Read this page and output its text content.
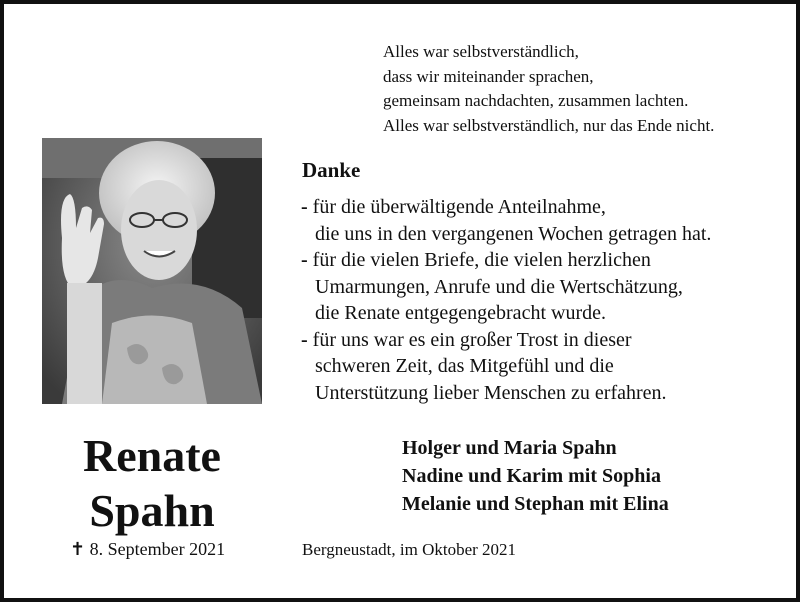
Alles war selbstverständlich,
dass wir miteinander sprachen,
gemeinsam nachdachten, zusammen lachten.
Alles war selbstverständlich, nur das Ende nicht.
Danke
- für die überwältigende Anteilnahme,
die uns in den vergangenen Wochen getragen hat.
- für die vielen Briefe, die vielen herzlichen
Umarmungen, Anrufe und die Wertschätzung,
die Renate entgegengebracht wurde.
- für uns war es ein großer Trost in dieser
schweren Zeit, das Mitgefühl und die
Unterstützung lieber Menschen zu erfahren.
Renate
Spahn
✝ 8. September 2021
Holger und Maria Spahn
Nadine und Karim mit Sophia
Melanie und Stephan mit Elina
Bergneustadt, im Oktober 2021
